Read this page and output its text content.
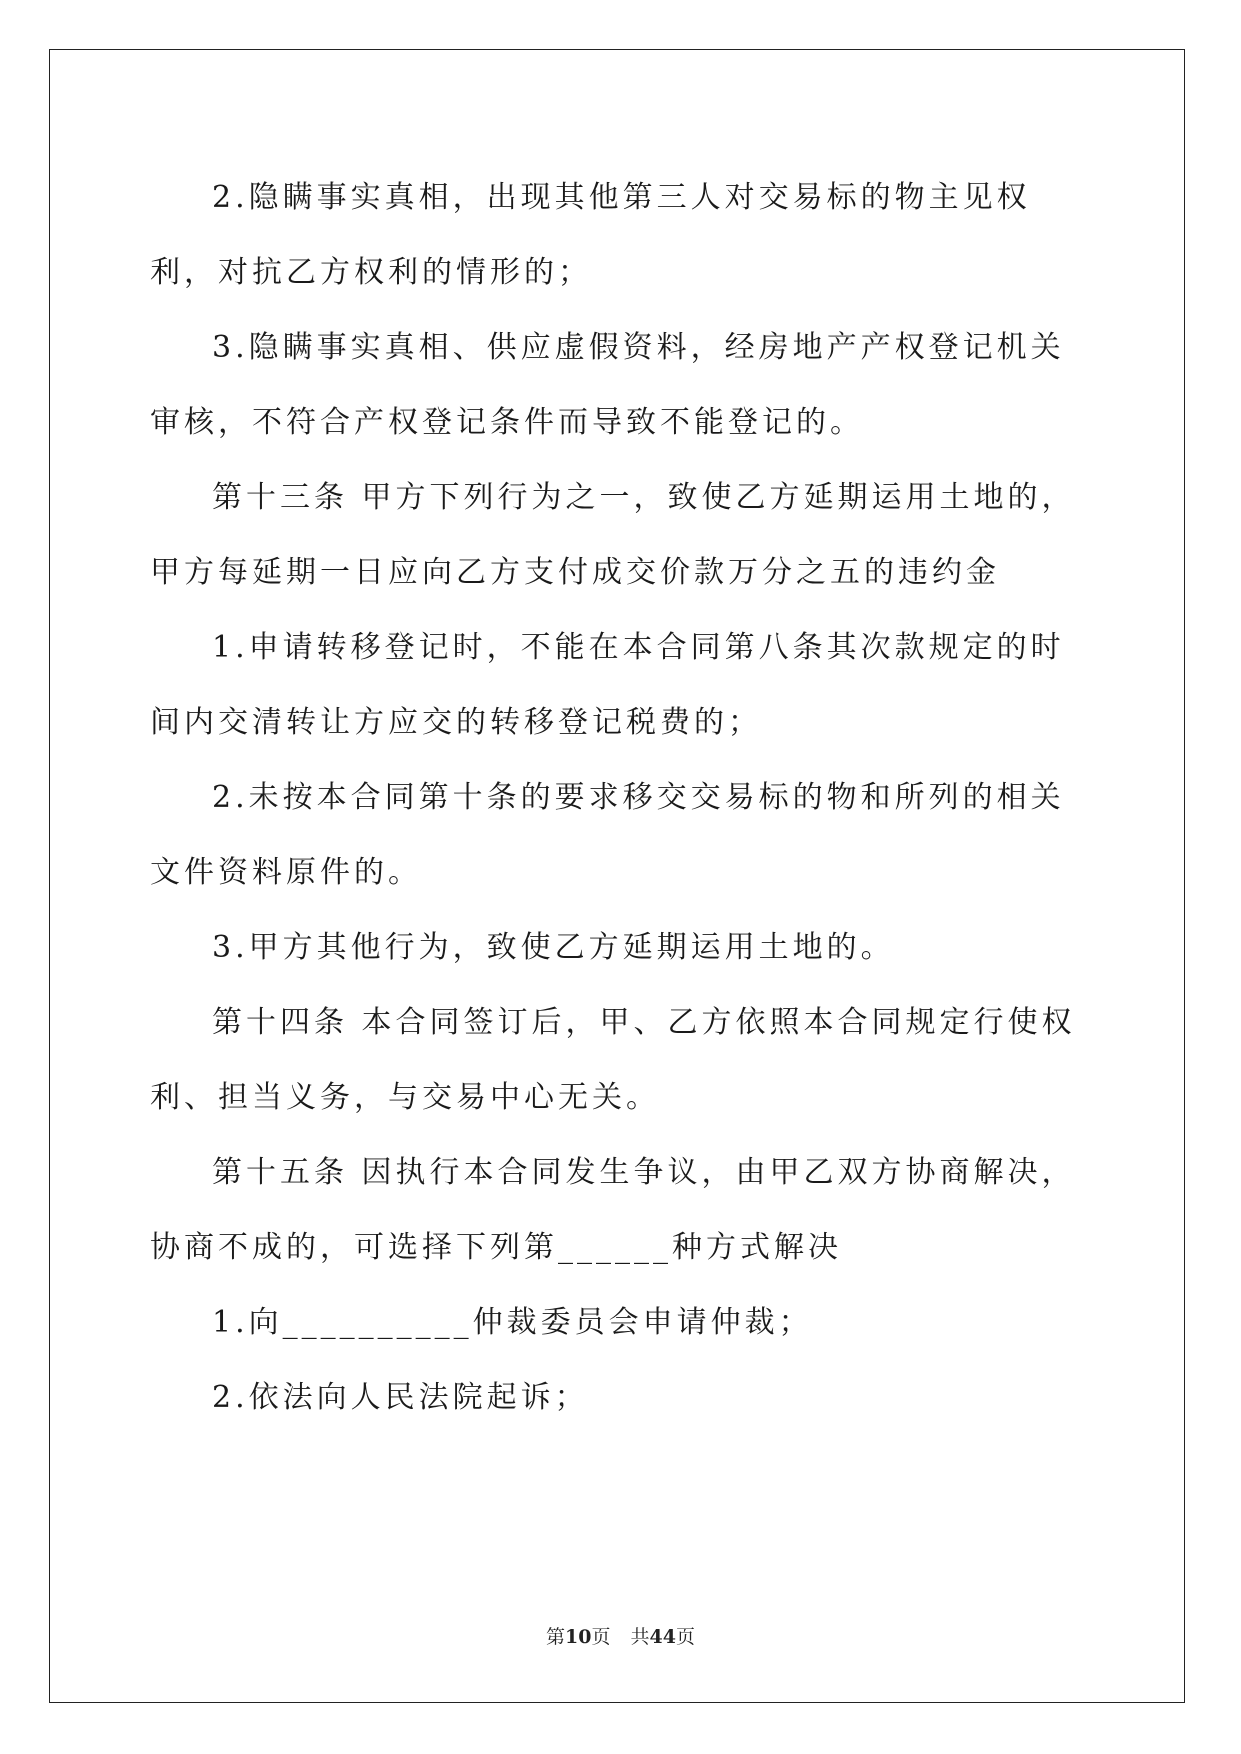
2.隐瞒事实真相，出现其他第三人对交易标的物主见权利，对抗乙方权利的情形的；

3.隐瞒事实真相、供应虚假资料，经房地产产权登记机关审核，不符合产权登记条件而导致不能登记的。

第十三条 甲方下列行为之一，致使乙方延期运用土地的，甲方每延期一日应向乙方支付成交价款万分之五的违约金

1.申请转移登记时，不能在本合同第八条其次款规定的时间内交清转让方应交的转移登记税费的；

2.未按本合同第十条的要求移交交易标的物和所列的相关文件资料原件的。

3.甲方其他行为，致使乙方延期运用土地的。

第十四条 本合同签订后，甲、乙方依照本合同规定行使权利、担当义务，与交易中心无关。

第十五条 因执行本合同发生争议，由甲乙双方协商解决，协商不成的，可选择下列第______种方式解决

1.向__________仲裁委员会申请仲裁；

2.依法向人民法院起诉；

第10页 共44页
